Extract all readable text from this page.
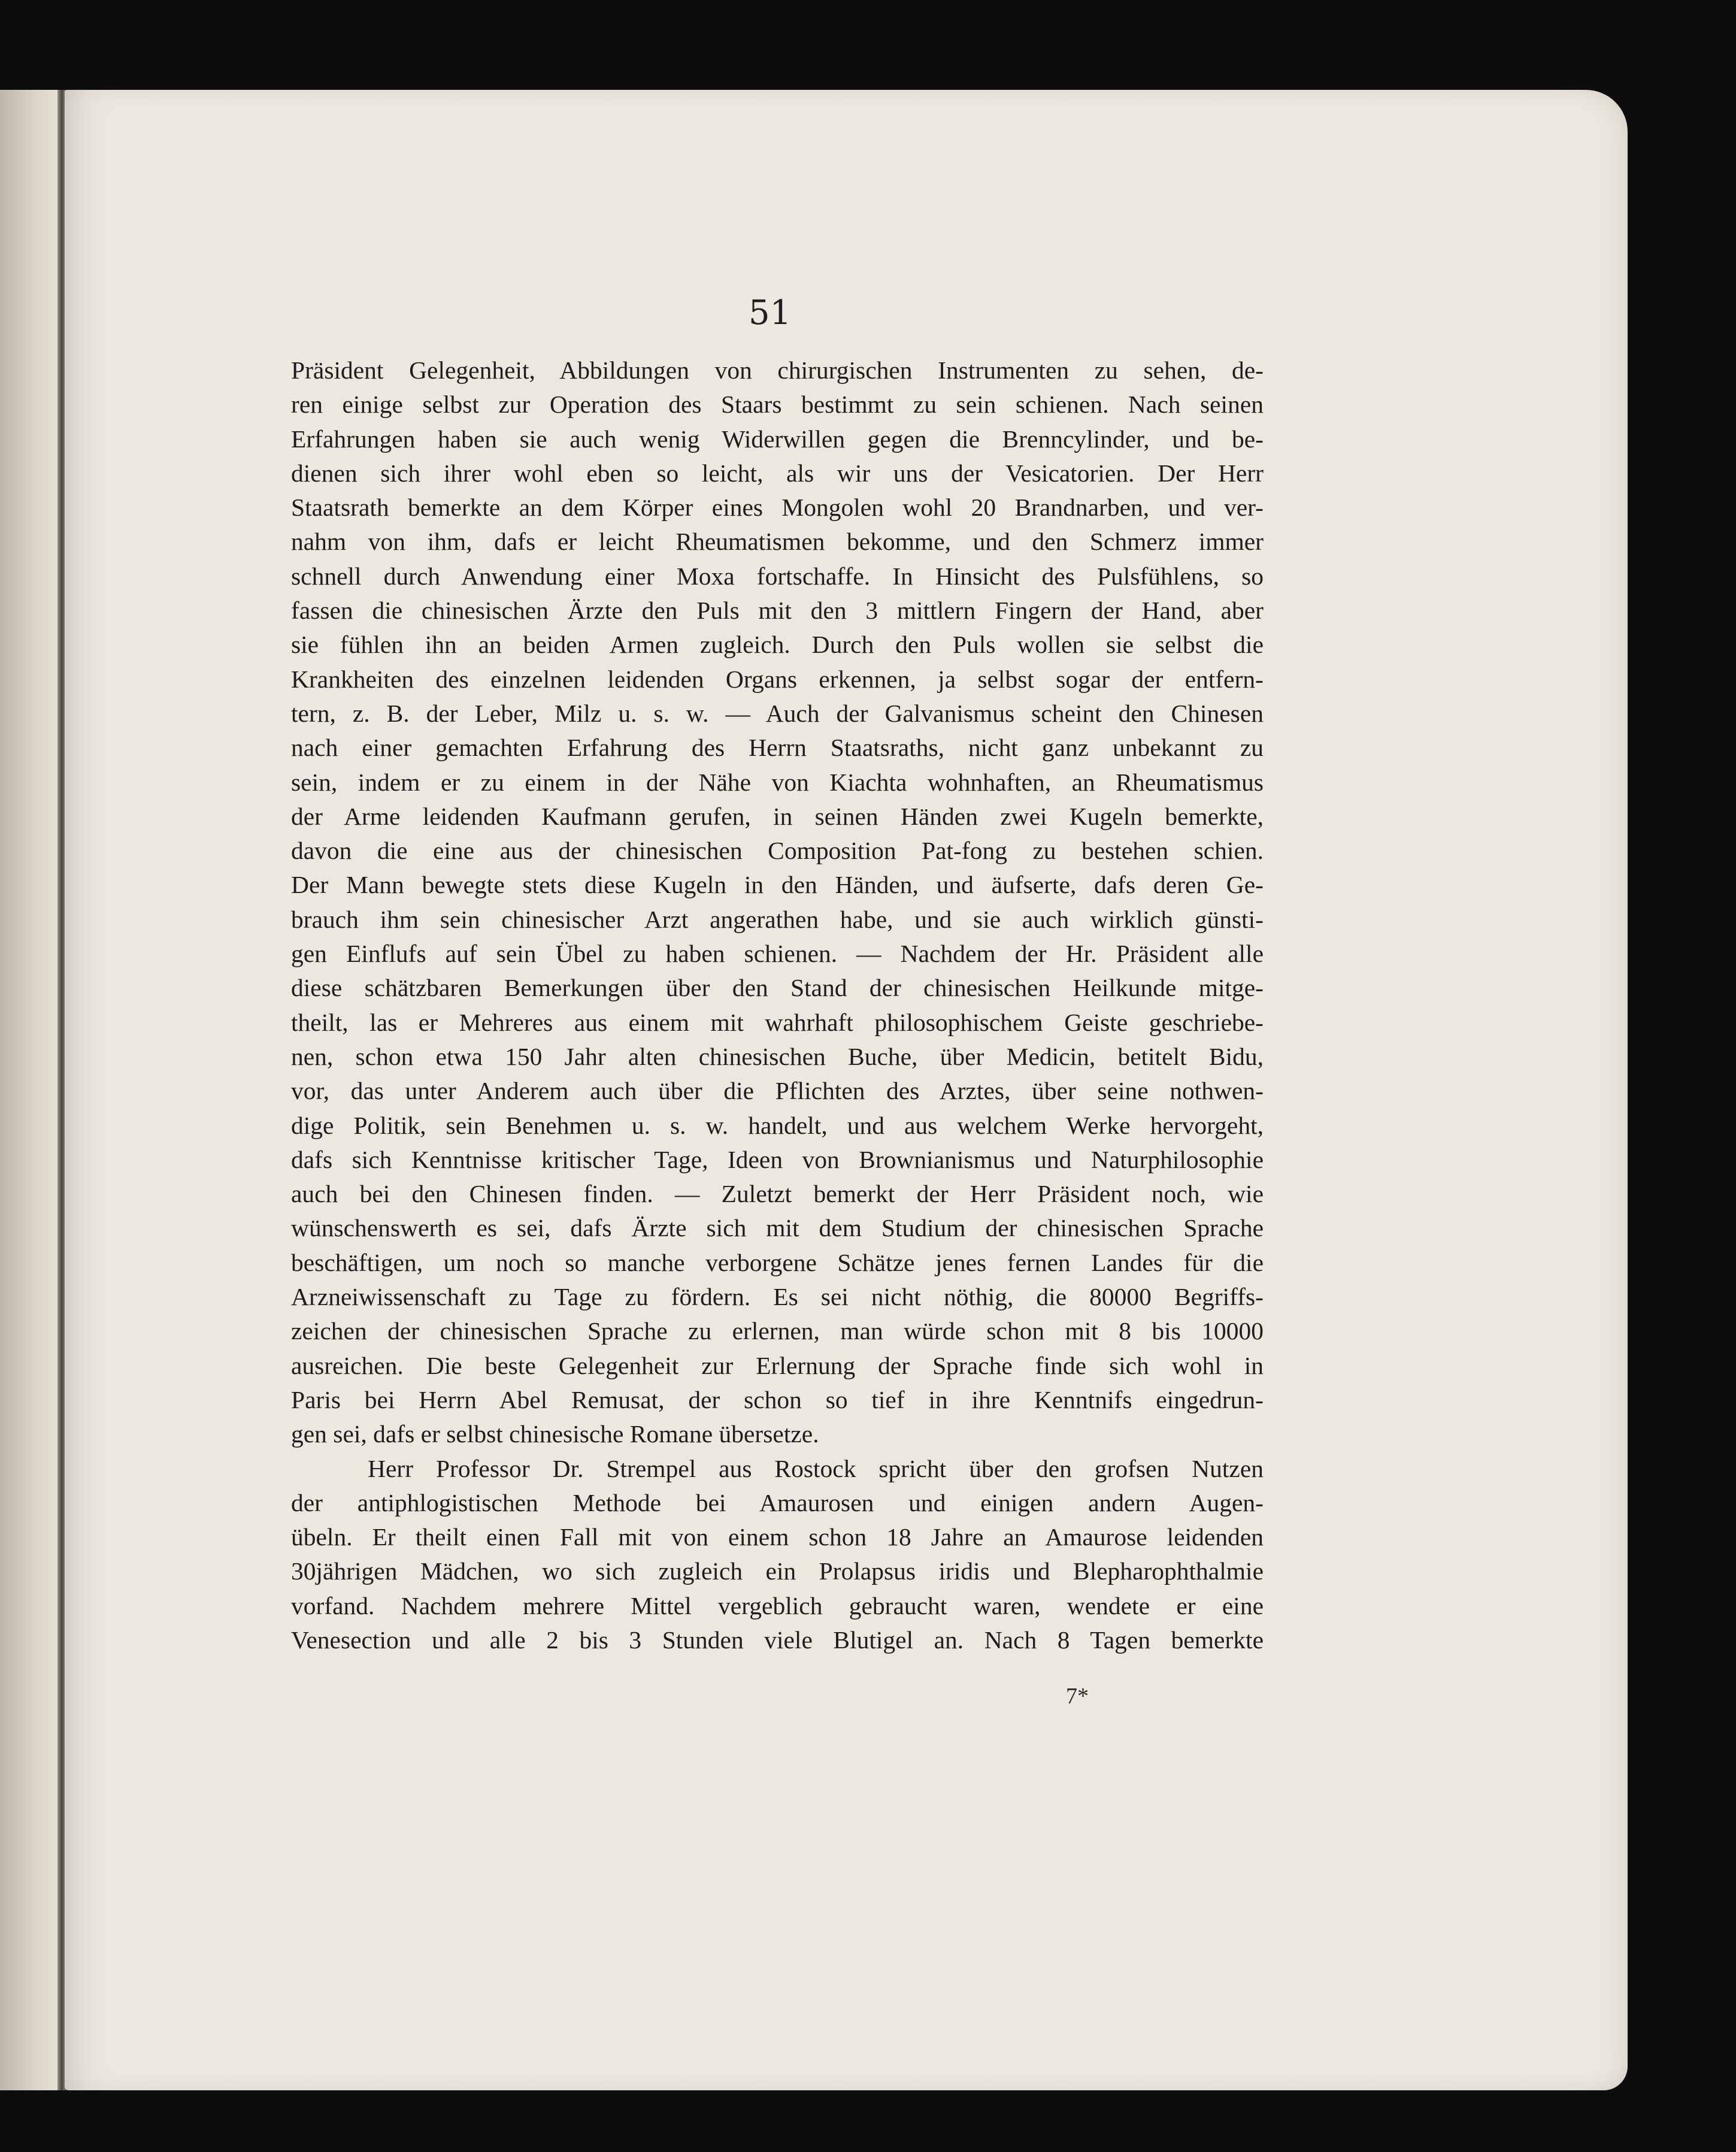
51
Präsident Gelegenheit, Abbildungen von chirurgischen Instrumenten zu sehen, de-
ren einige selbst zur Operation des Staars bestimmt zu sein schienen. Nach seinen
Erfahrungen haben sie auch wenig Widerwillen gegen die Brenncylinder, und be-
dienen sich ihrer wohl eben so leicht, als wir uns der Vesicatorien. Der Herr
Staatsrath bemerkte an dem Körper eines Mongolen wohl 20 Brandnarben, und ver-
nahm von ihm, dafs er leicht Rheumatismen bekomme, und den Schmerz immer
schnell durch Anwendung einer Moxa fortschaffe. In Hinsicht des Pulsfühlens, so
fassen die chinesischen Ärzte den Puls mit den 3 mittlern Fingern der Hand, aber
sie fühlen ihn an beiden Armen zugleich. Durch den Puls wollen sie selbst die
Krankheiten des einzelnen leidenden Organs erkennen, ja selbst sogar der entfern-
tern, z. B. der Leber, Milz u. s. w. — Auch der Galvanismus scheint den Chinesen
nach einer gemachten Erfahrung des Herrn Staatsraths, nicht ganz unbekannt zu
sein, indem er zu einem in der Nähe von Kiachta wohnhaften, an Rheumatismus
der Arme leidenden Kaufmann gerufen, in seinen Händen zwei Kugeln bemerkte,
davon die eine aus der chinesischen Composition Pat-fong zu bestehen schien.
Der Mann bewegte stets diese Kugeln in den Händen, und äufserte, dafs deren Ge-
brauch ihm sein chinesischer Arzt angerathen habe, und sie auch wirklich günsti-
gen Einflufs auf sein Übel zu haben schienen. — Nachdem der Hr. Präsident alle
diese schätzbaren Bemerkungen über den Stand der chinesischen Heilkunde mitge-
theilt, las er Mehreres aus einem mit wahrhaft philosophischem Geiste geschriebe-
nen, schon etwa 150 Jahr alten chinesischen Buche, über Medicin, betitelt Bidu,
vor, das unter Anderem auch über die Pflichten des Arztes, über seine nothwen-
dige Politik, sein Benehmen u. s. w. handelt, und aus welchem Werke hervorgeht,
dafs sich Kenntnisse kritischer Tage, Ideen von Brownianismus und Naturphilosophie
auch bei den Chinesen finden. — Zuletzt bemerkt der Herr Präsident noch, wie
wünschenswerth es sei, dafs Ärzte sich mit dem Studium der chinesischen Sprache
beschäftigen, um noch so manche verborgene Schätze jenes fernen Landes für die
Arzneiwissenschaft zu Tage zu fördern. Es sei nicht nöthig, die 80000 Begriffs-
zeichen der chinesischen Sprache zu erlernen, man würde schon mit 8 bis 10000
ausreichen. Die beste Gelegenheit zur Erlernung der Sprache finde sich wohl in
Paris bei Herrn Abel Remusat, der schon so tief in ihre Kenntnifs eingedrun-
gen sei, dafs er selbst chinesische Romane übersetze.
Herr Professor Dr. Strempel aus Rostock spricht über den grofsen Nutzen
der antiphlogistischen Methode bei Amaurosen und einigen andern Augen-
übeln. Er theilt einen Fall mit von einem schon 18 Jahre an Amaurose leidenden
30jährigen Mädchen, wo sich zugleich ein Prolapsus iridis und Blepharophthalmie
vorfand. Nachdem mehrere Mittel vergeblich gebraucht waren, wendete er eine
Venesection und alle 2 bis 3 Stunden viele Blutigel an. Nach 8 Tagen bemerkte
7*
